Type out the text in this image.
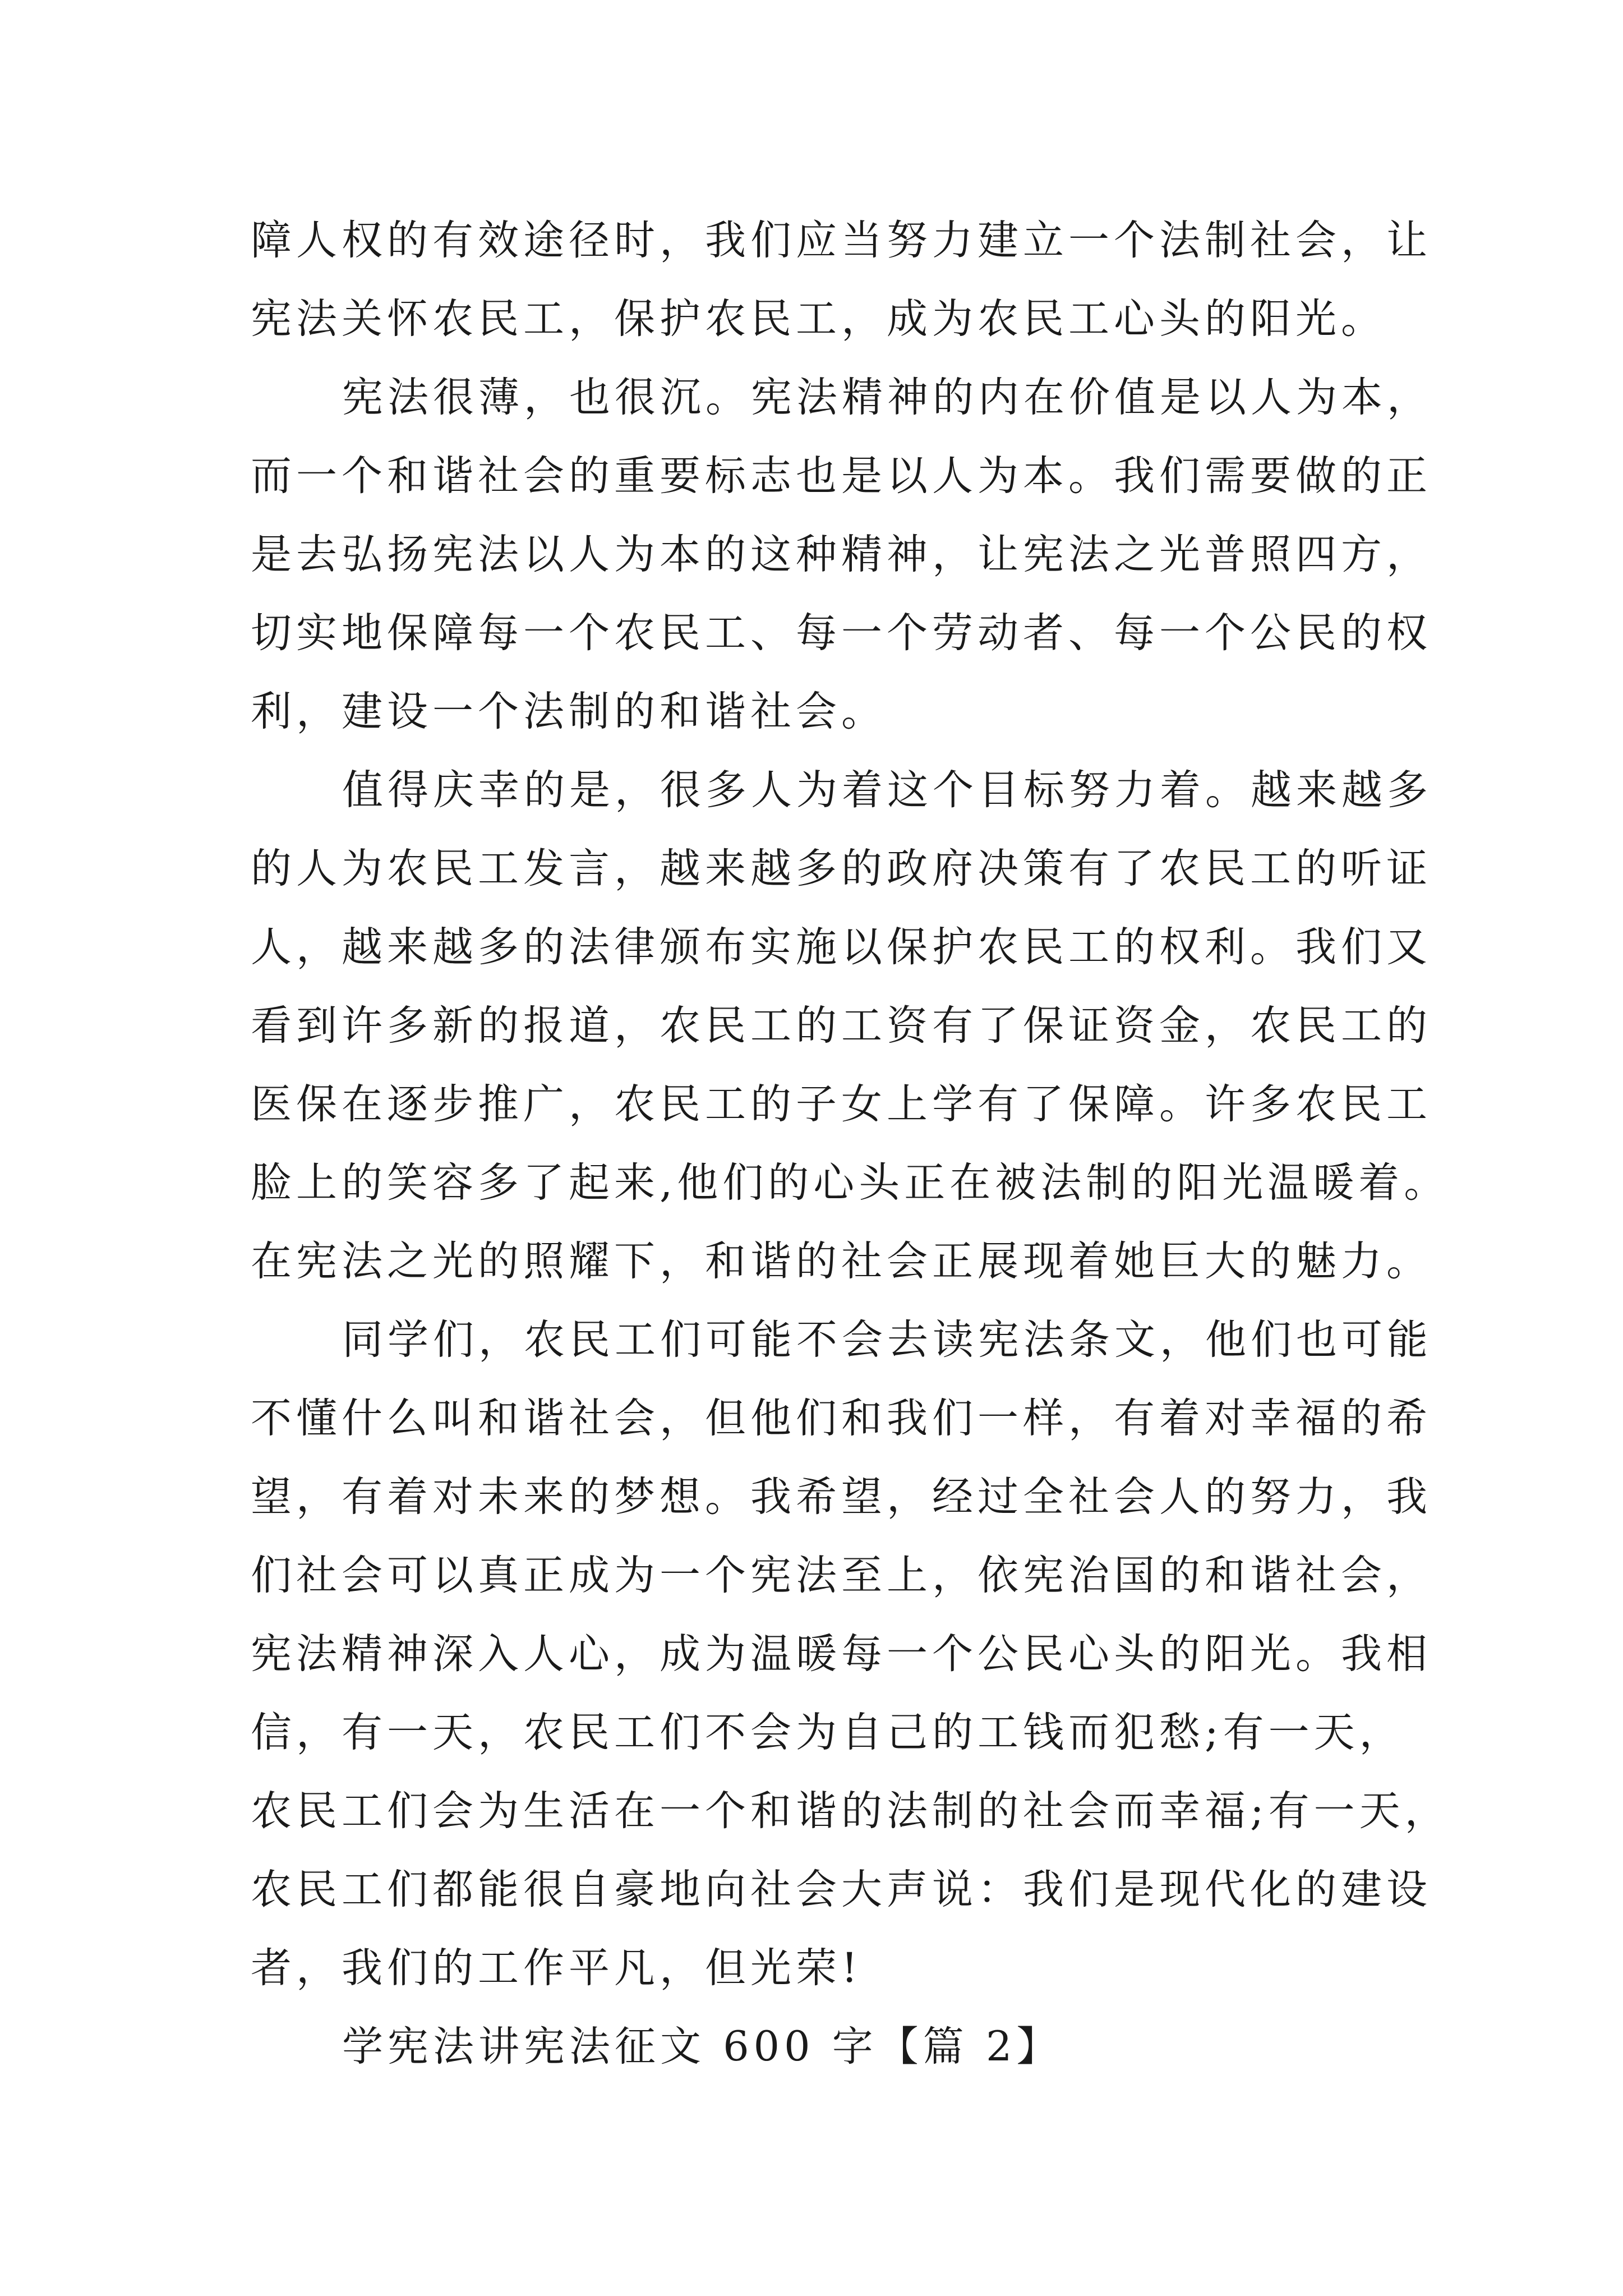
障人权的有效途径时，我们应当努力建立一个法制社会，让
宪法关怀农民工，保护农民工，成为农民工心头的阳光。
宪法很薄，也很沉。宪法精神的内在价值是以人为本，
而一个和谐社会的重要标志也是以人为本。我们需要做的正
是去弘扬宪法以人为本的这种精神，让宪法之光普照四方，
切实地保障每一个农民工、每一个劳动者、每一个公民的权
利，建设一个法制的和谐社会。
值得庆幸的是，很多人为着这个目标努力着。越来越多
的人为农民工发言，越来越多的政府决策有了农民工的听证
人，越来越多的法律颁布实施以保护农民工的权利。我们又
看到许多新的报道，农民工的工资有了保证资金，农民工的
医保在逐步推广，农民工的子女上学有了保障。许多农民工
脸上的笑容多了起来,他们的心头正在被法制的阳光温暖着。
在宪法之光的照耀下，和谐的社会正展现着她巨大的魅力。
同学们，农民工们可能不会去读宪法条文，他们也可能
不懂什么叫和谐社会，但他们和我们一样，有着对幸福的希
望，有着对未来的梦想。我希望，经过全社会人的努力，我
们社会可以真正成为一个宪法至上，依宪治国的和谐社会，
宪法精神深入人心，成为温暖每一个公民心头的阳光。我相
信，有一天，农民工们不会为自己的工钱而犯愁;有一天，
农民工们会为生活在一个和谐的法制的社会而幸福;有一天，
农民工们都能很自豪地向社会大声说：我们是现代化的建设
者，我们的工作平凡，但光荣!
学宪法讲宪法征文 600 字【篇 2】
